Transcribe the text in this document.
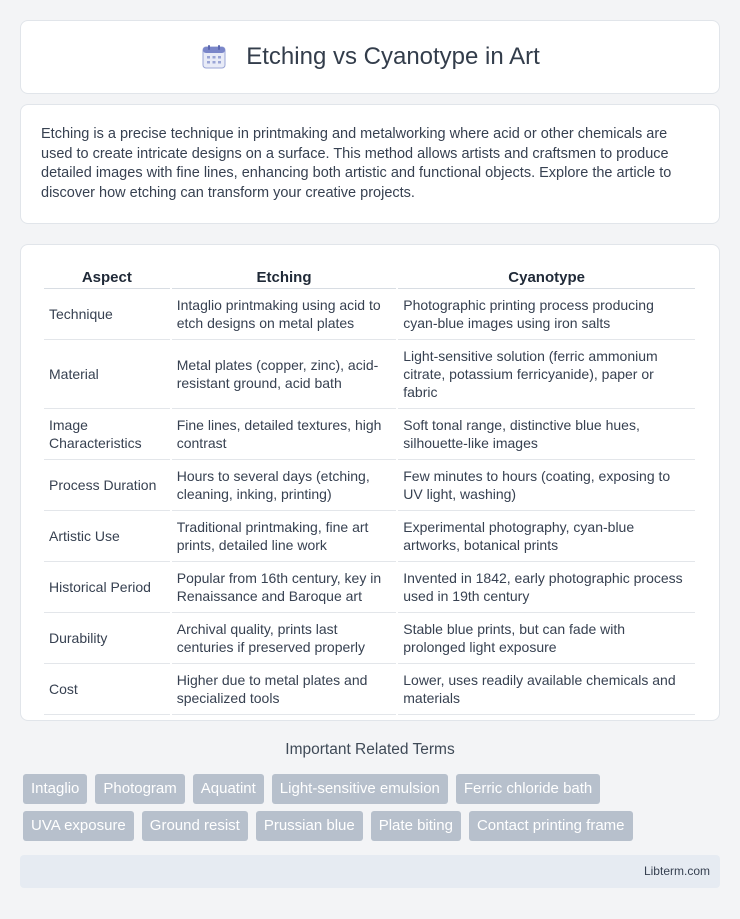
Etching vs Cyanotype in Art

Etching is a precise technique in printmaking and metalworking where acid or other chemicals are used to create intricate designs on a surface. This method allows artists and craftsmen to produce detailed images with fine lines, enhancing both artistic and functional objects. Explore the article to discover how etching can transform your creative projects.

Aspect	Etching	Cyanotype
Technique	Intaglio printmaking using acid to etch designs on metal plates	Photographic printing process producing cyan-blue images using iron salts
Material	Metal plates (copper, zinc), acid-resistant ground, acid bath	Light-sensitive solution (ferric ammonium citrate, potassium ferricyanide), paper or fabric
Image Characteristics	Fine lines, detailed textures, high contrast	Soft tonal range, distinctive blue hues, silhouette-like images
Process Duration	Hours to several days (etching, cleaning, inking, printing)	Few minutes to hours (coating, exposing to UV light, washing)
Artistic Use	Traditional printmaking, fine art prints, detailed line work	Experimental photography, cyan-blue artworks, botanical prints
Historical Period	Popular from 16th century, key in Renaissance and Baroque art	Invented in 1842, early photographic process used in 19th century
Durability	Archival quality, prints last centuries if preserved properly	Stable blue prints, but can fade with prolonged light exposure
Cost	Higher due to metal plates and specialized tools	Lower, uses readily available chemicals and materials
Important Related Terms
Intaglio	Photogram	Aquatint	Light-sensitive emulsion	Ferric chloride bath
UVA exposure	Ground resist	Prussian blue	Plate biting	Contact printing frame
Libterm.com
